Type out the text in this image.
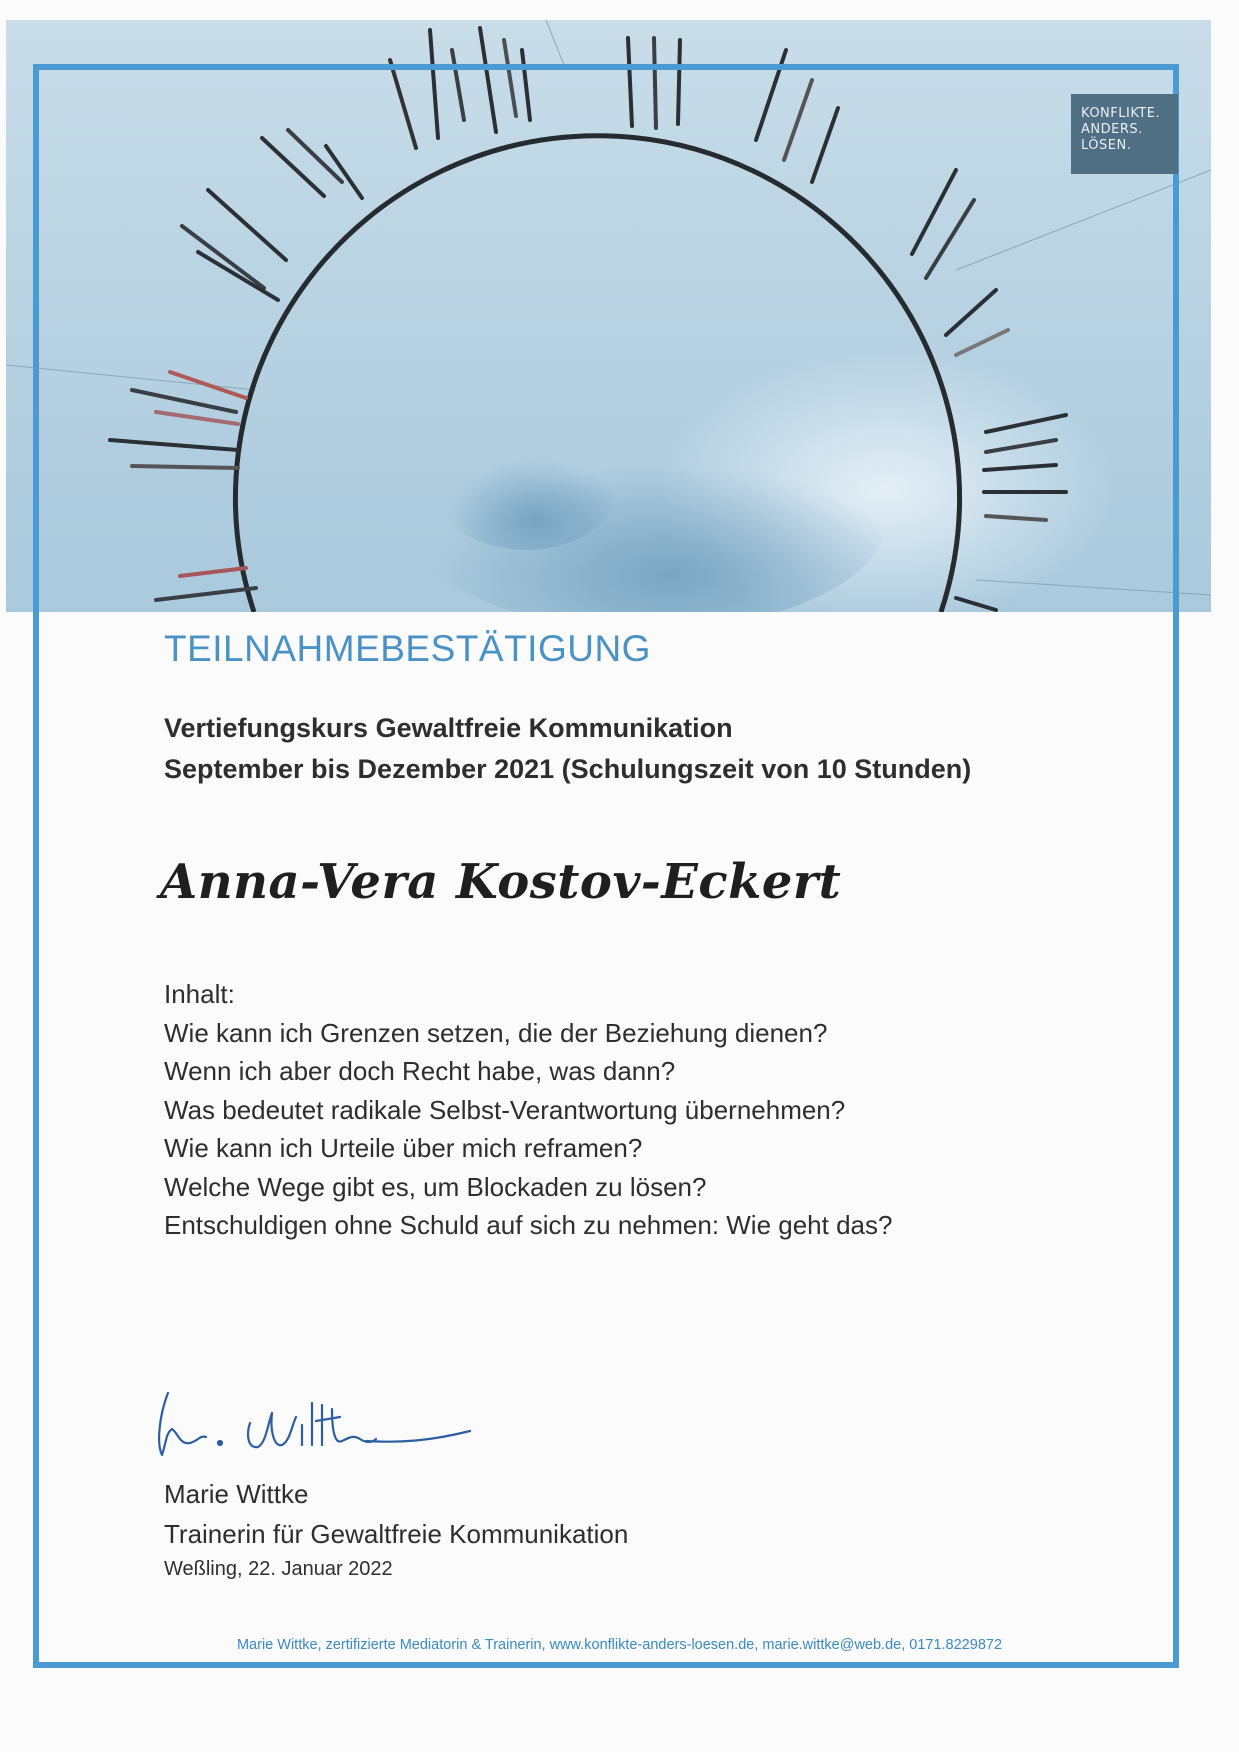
KONFLIKTE.
ANDERS.
LÖSEN.
TEILNAHMEBESTÄTIGUNG
Vertiefungskurs Gewaltfreie Kommunikation
September bis Dezember 2021 (Schulungszeit von 10 Stunden)
Anna-Vera Kostov-Eckert
Inhalt:
Wie kann ich Grenzen setzen, die der Beziehung dienen?
Wenn ich aber doch Recht habe, was dann?
Was bedeutet radikale Selbst-Verantwortung übernehmen?
Wie kann ich Urteile über mich reframen?
Welche Wege gibt es, um Blockaden zu lösen?
Entschuldigen ohne Schuld auf sich zu nehmen: Wie geht das?
Marie Wittke
Trainerin für Gewaltfreie Kommunikation
Weßling, 22. Januar 2022
Marie Wittke, zertifizierte Mediatorin & Trainerin, www.konflikte-anders-loesen.de, marie.wittke@web.de, 0171.8229872
